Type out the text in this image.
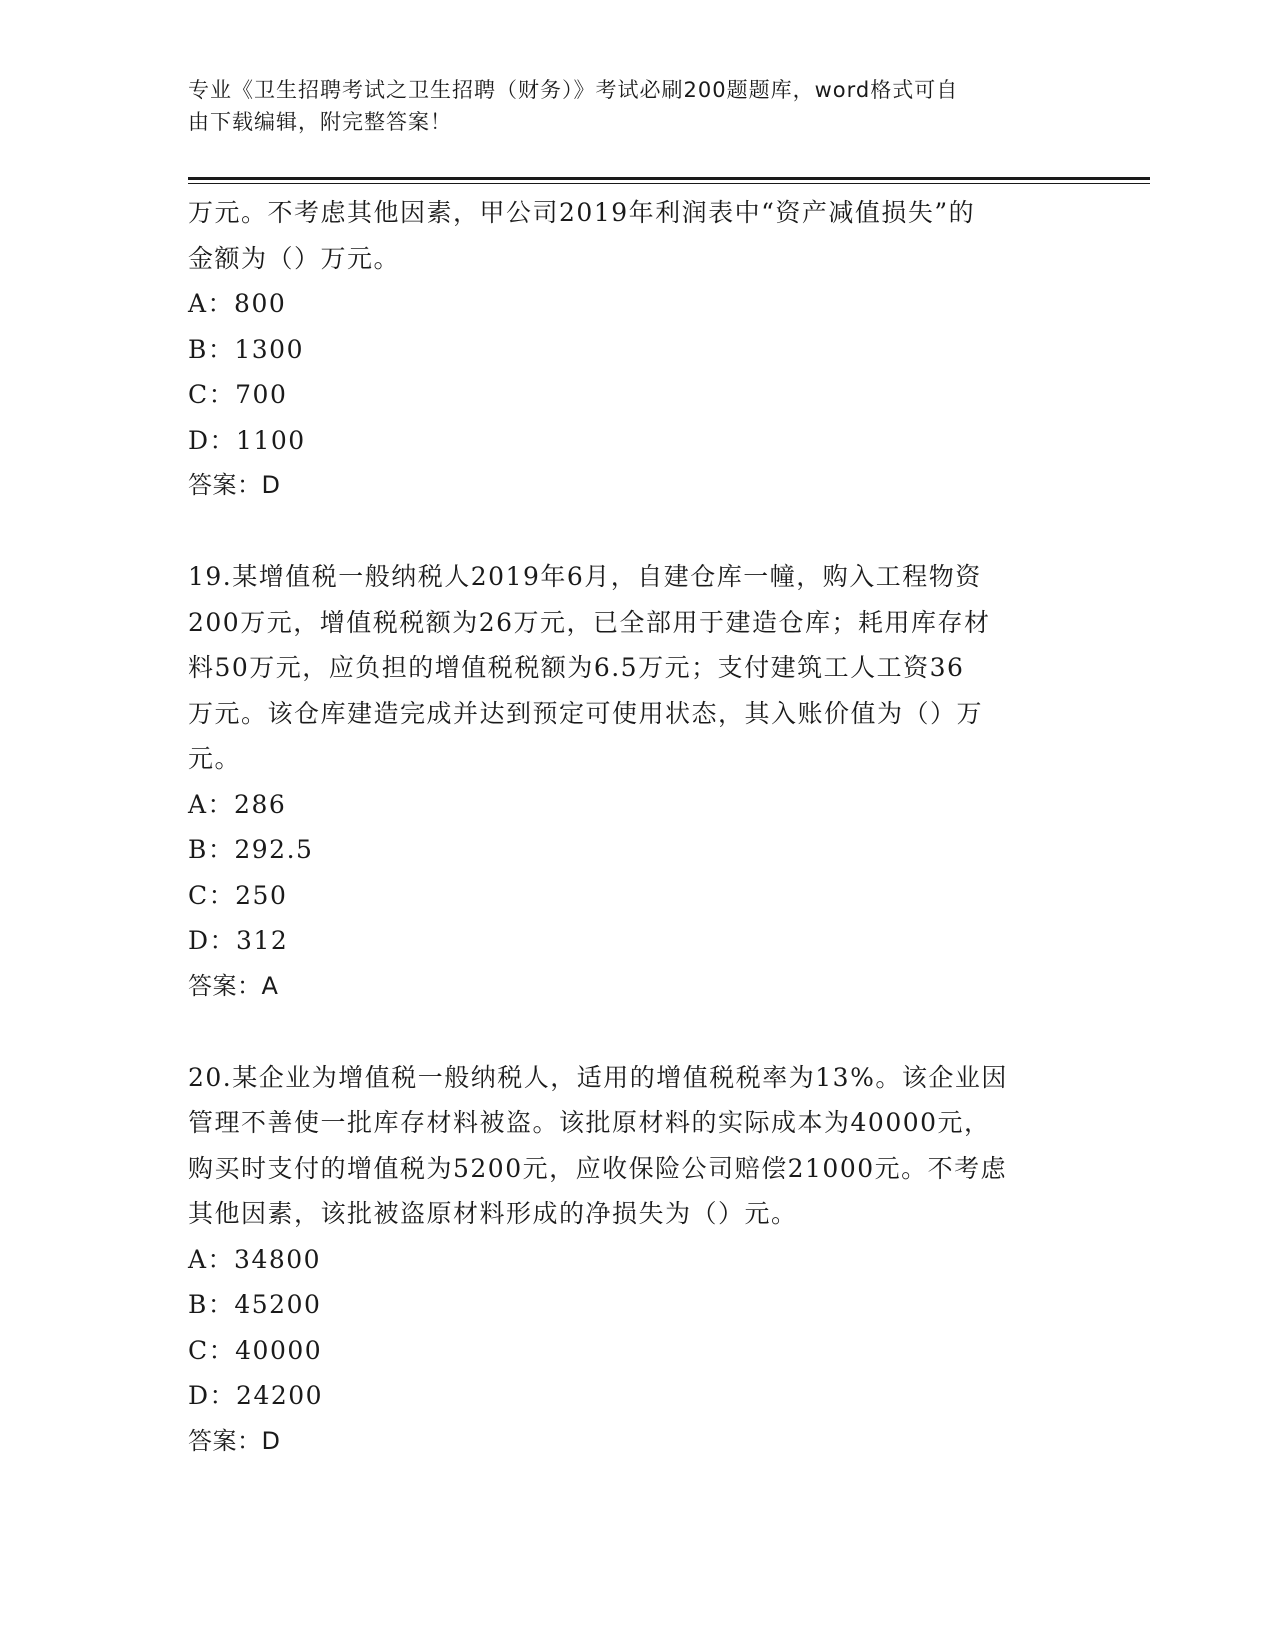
专业《卫生招聘考试之卫生招聘（财务）》考试必刷200题题库，word格式可自
由下载编辑，附完整答案！

万元。不考虑其他因素，甲公司2019年利润表中“资产减值损失”的

金额为（）万元。

A：800

B：1300

C：700

D：1100

答案：D

19.某增值税一般纳税人2019年6月，自建仓库一幢，购入工程物资

200万元，增值税税额为26万元，已全部用于建造仓库；耗用库存材

料50万元，应负担的增值税税额为6.5万元；支付建筑工人工资36

万元。该仓库建造完成并达到预定可使用状态，其入账价值为（）万

元。

A：286

B：292.5

C：250

D：312

答案：A

20.某企业为增值税一般纳税人，适用的增值税税率为13%。该企业因

管理不善使一批库存材料被盗。该批原材料的实际成本为40000元，

购买时支付的增值税为5200元，应收保险公司赔偿21000元。不考虑

其他因素，该批被盗原材料形成的净损失为（）元。

A：34800

B：45200

C：40000

D：24200

答案：D
